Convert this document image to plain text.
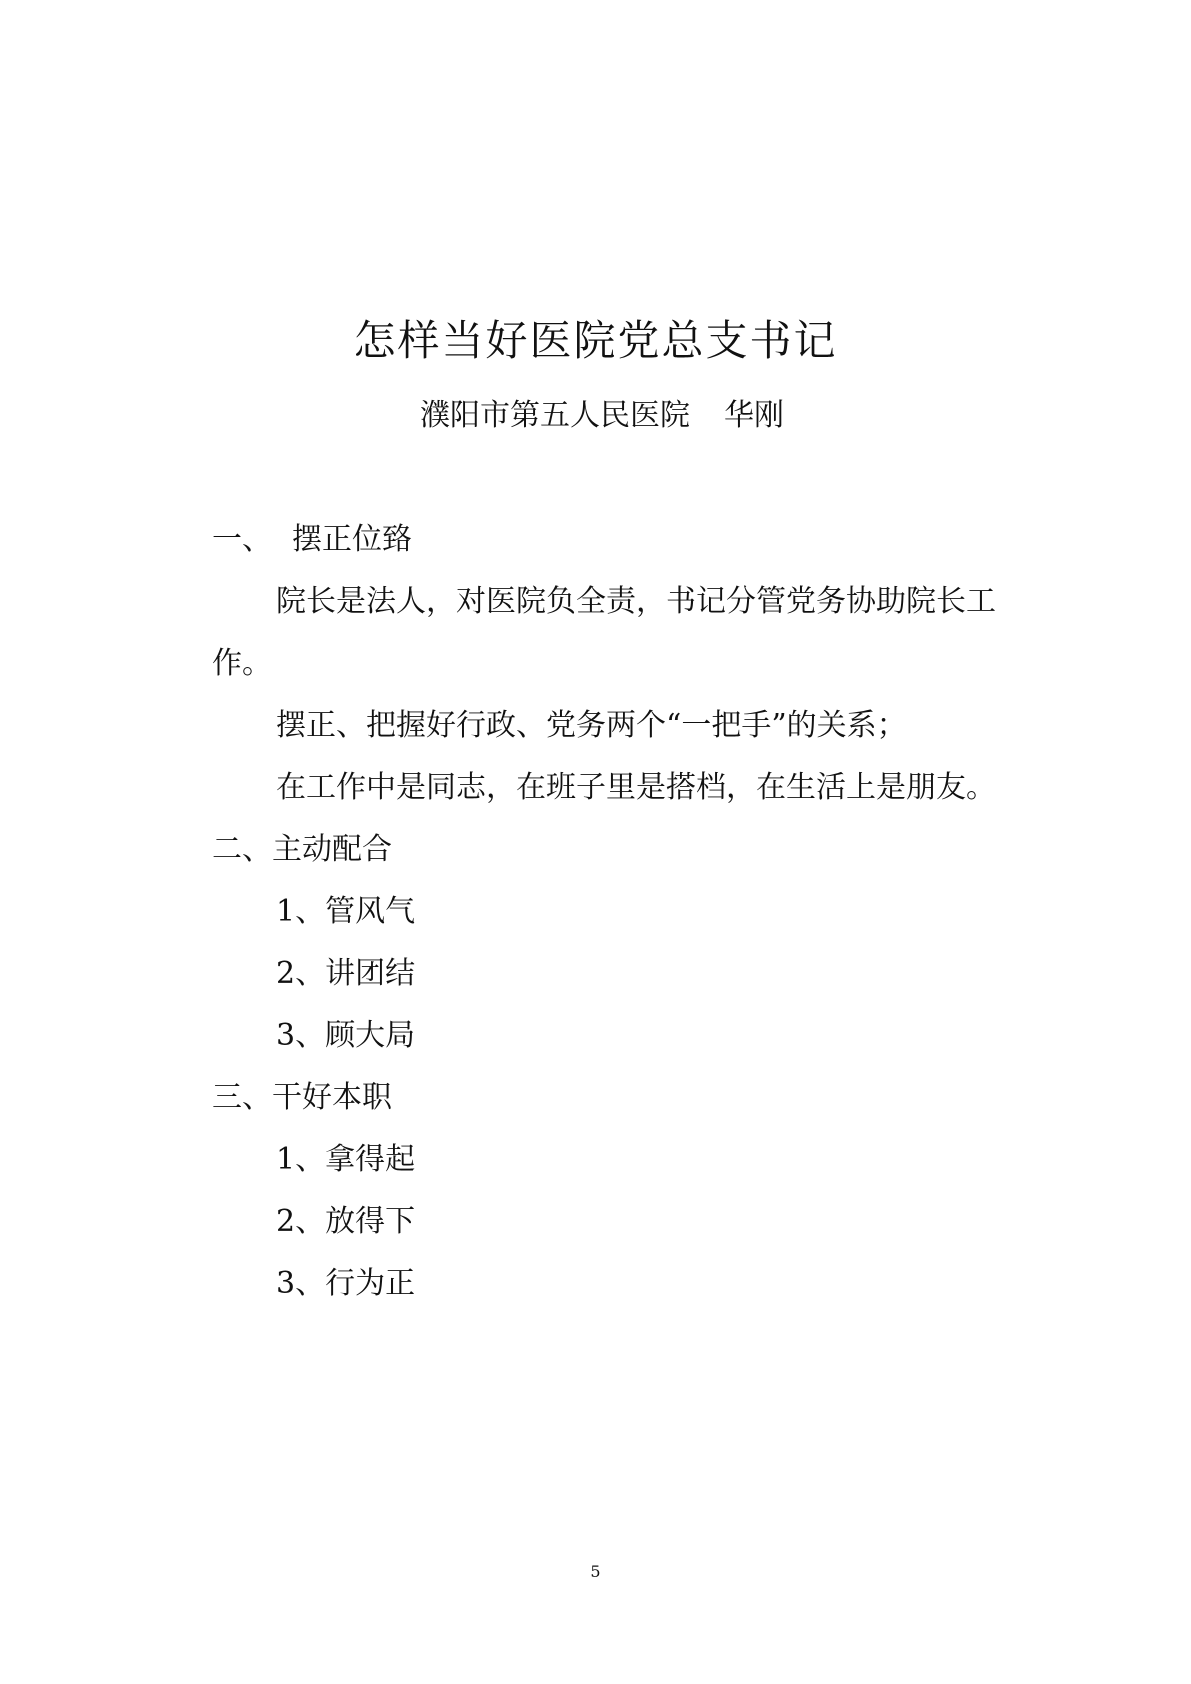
怎样当好医院党总支书记
濮阳市第五人民医院 华刚
一、 摆正位臵
院长是法人，对医院负全责，书记分管党务协助院长工
作。
摆正、把握好行政、党务两个“一把手”的关系；
在工作中是同志，在班子里是搭档，在生活上是朋友。
二、主动配合
1、管风气
2、讲团结
3、顾大局
三、干好本职
1、拿得起
2、放得下
3、行为正
5
